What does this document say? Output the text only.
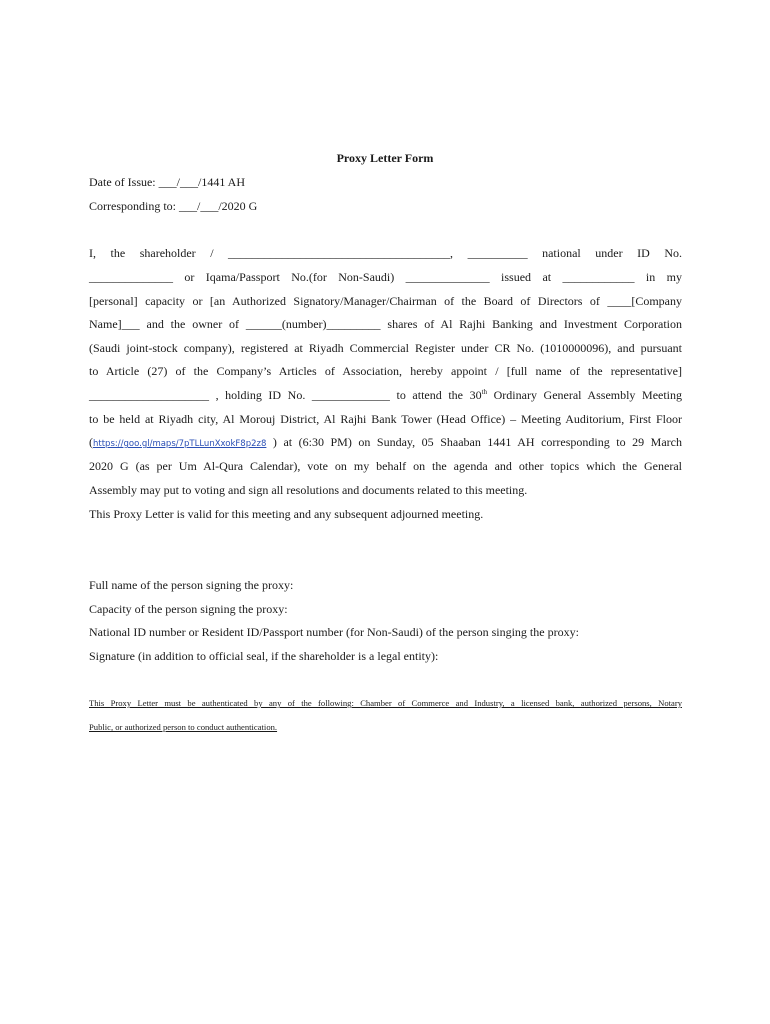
Proxy Letter Form
Date of Issue: ___/___/1441 AH
Corresponding to: ___/___/2020 G
I, the shareholder / _____________________________________, __________ national under ID No.
______________ or Iqama/Passport No.(for Non-Saudi) ______________ issued at ____________ in my
[personal] capacity or [an Authorized Signatory/Manager/Chairman of the Board of Directors of ____[Company
Name]___ and the owner of ______(number)_________ shares of Al Rajhi Banking and Investment Corporation
(Saudi joint-stock company), registered at Riyadh Commercial Register under CR No. (1010000096), and pursuant
to Article (27) of the Company’s Articles of Association, hereby appoint / [full name of the representative]
____________________ , holding ID No. _____________ to attend the 30th Ordinary General Assembly Meeting
to be held at Riyadh city, Al Morouj District, Al Rajhi Bank Tower (Head Office) – Meeting Auditorium, First Floor
(https://goo.gl/maps/7pTLLunXxokF8p2z8 ) at (6:30 PM) on Sunday, 05 Shaaban 1441 AH corresponding to 29 March
2020 G (as per Um Al-Qura Calendar), vote on my behalf on the agenda and other topics which the General
Assembly may put to voting and sign all resolutions and documents related to this meeting.
This Proxy Letter is valid for this meeting and any subsequent adjourned meeting.
Full name of the person signing the proxy:
Capacity of the person signing the proxy:
National ID number or Resident ID/Passport number (for Non-Saudi) of the person singing the proxy:
Signature (in addition to official seal, if the shareholder is a legal entity):
This Proxy Letter must be authenticated by any of the following: Chamber of Commerce and Industry, a licensed bank, authorized persons, Notary
Public, or authorized person to conduct authentication.
